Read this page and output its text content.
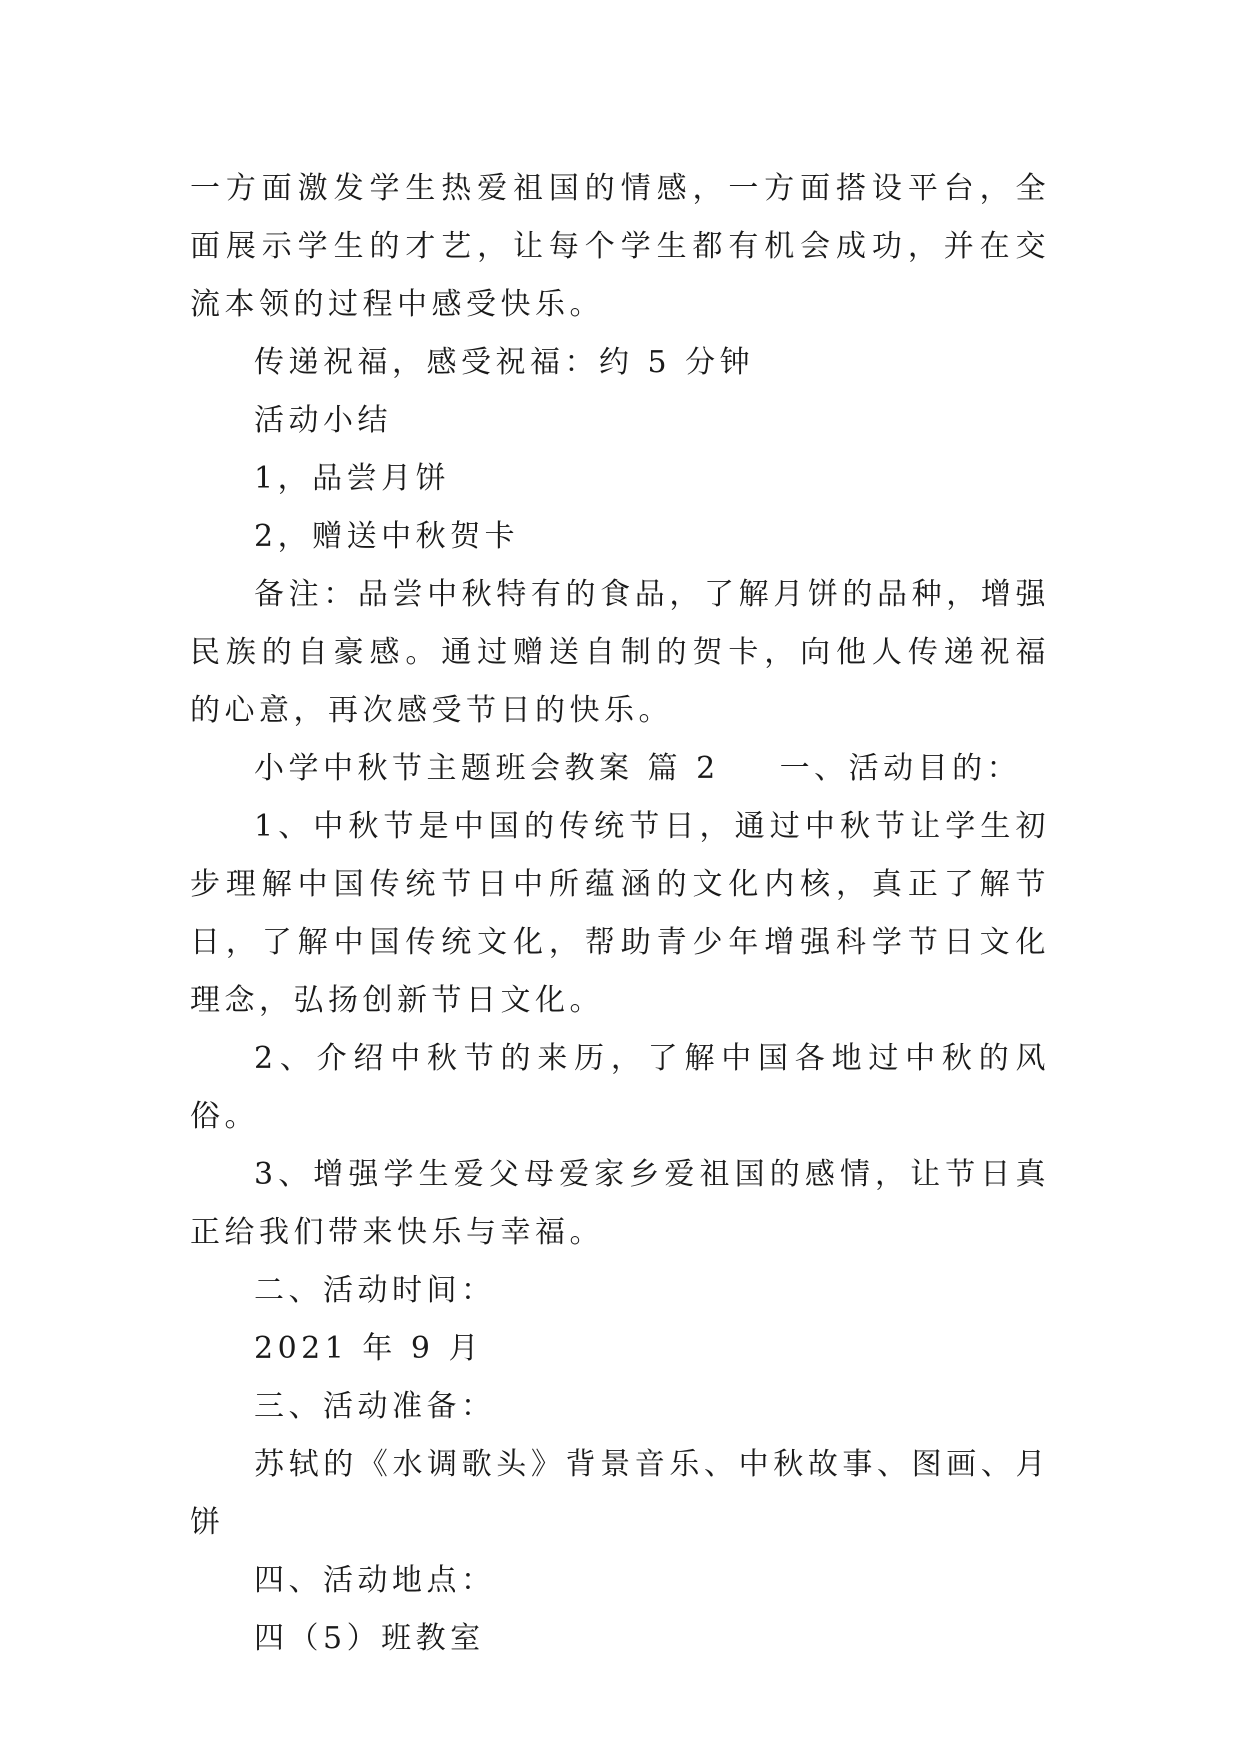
一方面激发学生热爱祖国的情感，一方面搭设平台，全面展示学生的才艺，让每个学生都有机会成功，并在交流本领的过程中感受快乐。

传递祝福，感受祝福：约 5 分钟

活动小结

1，品尝月饼

2，赠送中秋贺卡

备注：品尝中秋特有的食品，了解月饼的品种，增强民族的自豪感。通过赠送自制的贺卡，向他人传递祝福的心意，再次感受节日的快乐。

小学中秋节主题班会教案 篇 2 一、活动目的：

1、中秋节是中国的传统节日，通过中秋节让学生初步理解中国传统节日中所蕴涵的文化内核，真正了解节日，了解中国传统文化，帮助青少年增强科学节日文化理念，弘扬创新节日文化。

2、介绍中秋节的来历，了解中国各地过中秋的风俗。

3、增强学生爱父母爱家乡爱祖国的感情，让节日真正给我们带来快乐与幸福。

二、活动时间：

2021 年 9 月

三、活动准备：

苏轼的《水调歌头》背景音乐、中秋故事、图画、月饼

四、活动地点：

四（5）班教室
